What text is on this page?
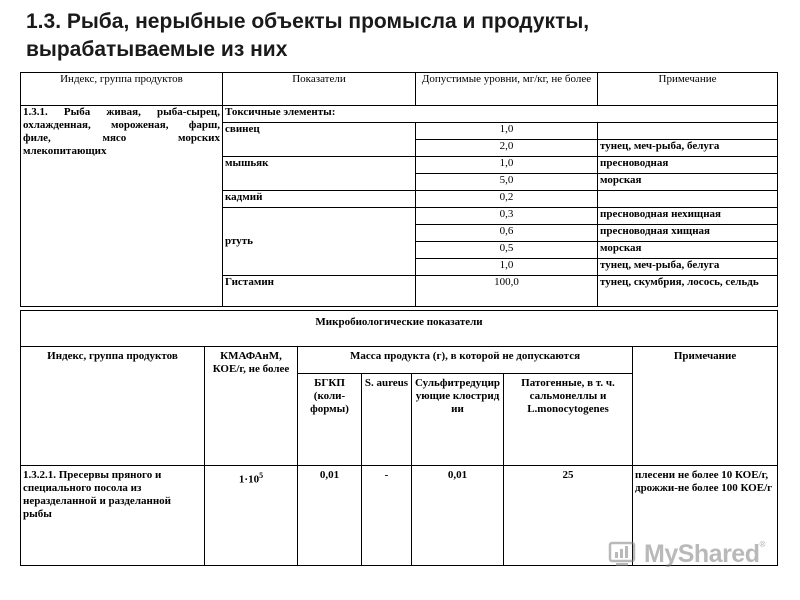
1.3. Рыба, нерыбные объекты промысла и продукты,
вырабатываемые из них
Индекс, группа продуктов	Показатели	Допустимые уровни, мг/кг, не более	Примечание

1.3.1. Рыба живая, рыба-сырец,
охлажденная, мороженая, фарш,
филе, мясо морских
млекопитающих	Токсичные элементы:		
	свинец	1,0	
		2,0	тунец, меч-рыба, белуга
	мышьяк	1,0	пресноводная
		5,0	морская
	кадмий	0,2	
	ртуть	0,3	пресноводная нехищная
		0,6	пресноводная хищная
		0,5	морская
		1,0	тунец, меч-рыба, белуга
	Гистамин	100,0	тунец, скумбрия, лосось, сельдь
Микробиологические показатели						
Индекс, группа продуктов	КМАФАнМ, КОЕ/г, не более	Масса продукта (г), в которой не допускаются				Примечание
		БГКП (коли-формы)	S. aureus	Сульфитредуцирующие клостридии	Патогенные, в т. ч. сальмонеллы и L.monocytogenes	
1.3.2.1. Пресервы пряного и специального посола из неразделанной и разделанной рыбы	$1\cdot 10^5$	0,01	-	0,01	25	плесени не более 10 КОЕ/г, дрожжи-не более 100 КОЕ/г
MyShared®
